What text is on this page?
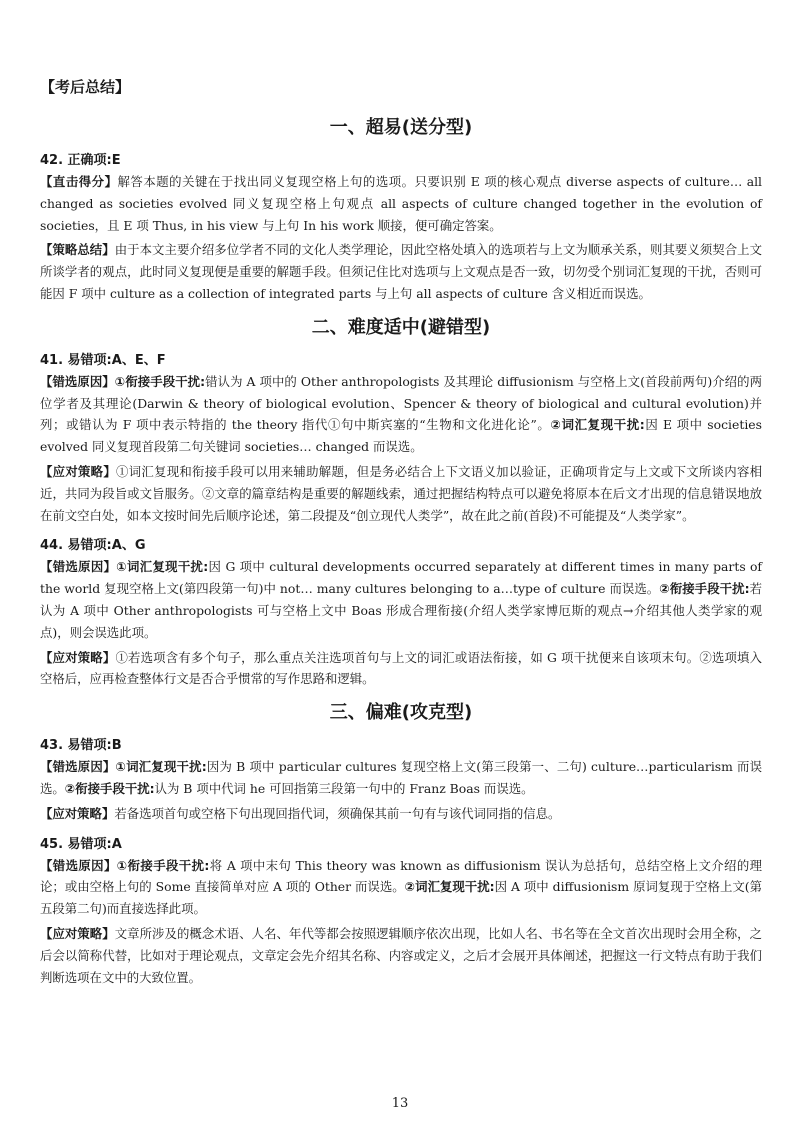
【考后总结】
一、超易(送分型)
42. 正确项:E

【直击得分】解答本题的关键在于找出同义复现空格上句的选项。只要识别 E 项的核心观点 diverse aspects of culture… all changed as societies evolved 同义复现空格上句观点 all aspects of culture changed together in the evolution of societies，且 E 项 Thus, in his view 与上句 In his work 顺接，便可确定答案。

【策略总结】由于本文主要介绍多位学者不同的文化人类学理论，因此空格处填入的选项若与上文为顺承关系，则其要义须契合上文所谈学者的观点，此时同义复现便是重要的解题手段。但须记住比对选项与上文观点是否一致，切勿受个别词汇复现的干扰，否则可能因 F 项中 culture as a collection of integrated parts 与上句 all aspects of culture 含义相近而误选。

二、难度适中(避错型)
41. 易错项:A、E、F

【错选原因】①衔接手段干扰:错认为 A 项中的 Other anthropologists 及其理论 diffusionism 与空格上文(首段前两句)介绍的两位学者及其理论(Darwin & theory of biological evolution、Spencer & theory of biological and cultural evolution)并列；或错认为 F 项中表示特指的 the theory 指代①句中斯宾塞的“生物和文化进化论”。②词汇复现干扰:因 E 项中 societies evolved 同义复现首段第二句关键词 societies… changed 而误选。

【应对策略】①词汇复现和衔接手段可以用来辅助解题，但是务必结合上下文语义加以验证，正确项肯定与上文或下文所谈内容相近，共同为段旨或文旨服务。②文章的篇章结构是重要的解题线索，通过把握结构特点可以避免将原本在后文才出现的信息错误地放在前文空白处，如本文按时间先后顺序论述，第二段提及“创立现代人类学”，故在此之前(首段)不可能提及“人类学家”。

44. 易错项:A、G

【错选原因】①词汇复现干扰:因 G 项中 cultural developments occurred separately at different times in many parts of the world 复现空格上文(第四段第一句)中 not… many cultures belonging to a…type of culture 而误选。②衔接手段干扰:若认为 A 项中 Other anthropologists 可与空格上文中 Boas 形成合理衔接(介绍人类学家博厄斯的观点→介绍其他人类学家的观点)，则会误选此项。

【应对策略】①若选项含有多个句子，那么重点关注选项首句与上文的词汇或语法衔接，如 G 项干扰便来自该项末句。②选项填入空格后，应再检查整体行文是否合乎惯常的写作思路和逻辑。

三、偏难(攻克型)
43. 易错项:B

【错选原因】①词汇复现干扰:因为 B 项中 particular cultures 复现空格上文(第三段第一、二句) culture…particularism 而误选。②衔接手段干扰:认为 B 项中代词 he 可回指第三段第一句中的 Franz Boas 而误选。

【应对策略】若备选项首句或空格下句出现回指代词，须确保其前一句有与该代词同指的信息。

45. 易错项:A

【错选原因】①衔接手段干扰:将 A 项中末句 This theory was known as diffusionism 误认为总括句，总结空格上文介绍的理论；或由空格上句的 Some 直接简单对应 A 项的 Other 而误选。②词汇复现干扰:因 A 项中 diffusionism 原词复现于空格上文(第五段第二句)而直接选择此项。

【应对策略】文章所涉及的概念术语、人名、年代等都会按照逻辑顺序依次出现，比如人名、书名等在全文首次出现时会用全称，之后会以简称代替，比如对于理论观点，文章定会先介绍其名称、内容或定义，之后才会展开具体阐述，把握这一行文特点有助于我们判断选项在文中的大致位置。

13
